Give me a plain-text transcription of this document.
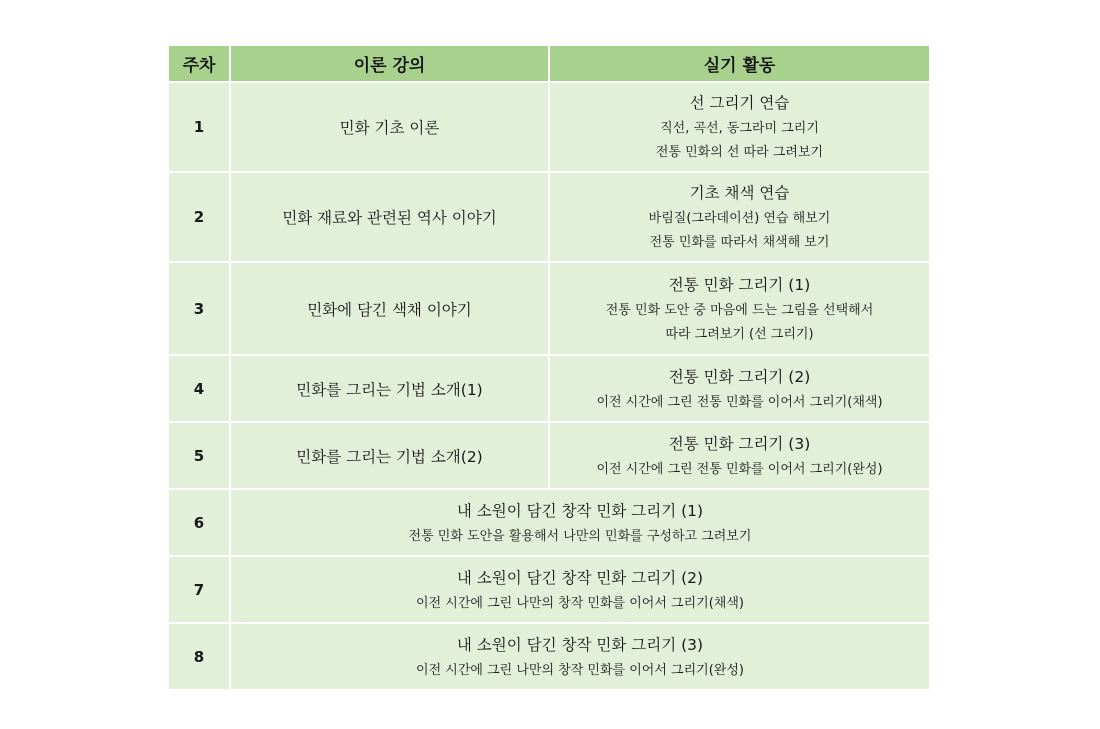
주차	이론 강의	실기 활동
1	민화 기초 이론	선 그리기 연습
직선, 곡선, 동그라미 그리기
전통 민화의 선 따라 그려보기

2	민화 재료와 관련된 역사 이야기	기초 채색 연습
바림질(그라데이션) 연습 해보기
전통 민화를 따라서 채색해 보기

3	민화에 담긴 색채 이야기	전통 민화 그리기 (1)
전통 민화 도안 중 마음에 드는 그림을 선택해서
따라 그려보기 (선 그리기)

4	민화를 그리는 기법 소개(1)	전통 민화 그리기 (2)
이전 시간에 그린 전통 민화를 이어서 그리기(채색)

5	민화를 그리는 기법 소개(2)	전통 민화 그리기 (3)
이전 시간에 그린 전통 민화를 이어서 그리기(완성)

6	내 소원이 담긴 창작 민화 그리기 (1)
전통 민화 도안을 활용해서 나만의 민화를 구성하고 그려보기	

7	내 소원이 담긴 창작 민화 그리기 (2)
이전 시간에 그린 나만의 창작 민화를 이어서 그리기(채색)	

8	내 소원이 담긴 창작 민화 그리기 (3)
이전 시간에 그린 나만의 창작 민화를 이어서 그리기(완성)	
